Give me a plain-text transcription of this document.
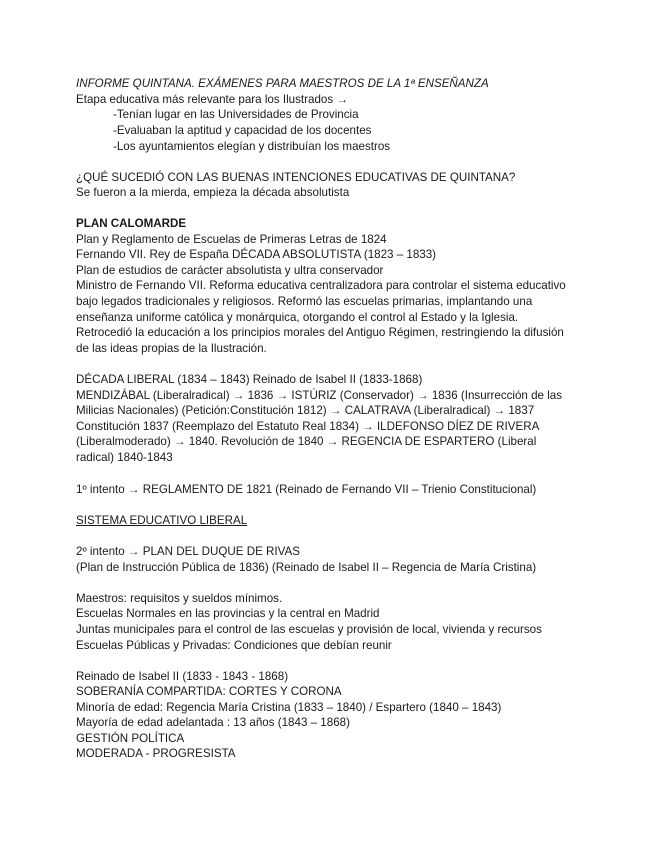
INFORME QUINTANA. EXÁMENES PARA MAESTROS DE LA 1ª ENSEÑANZA
Etapa educativa más relevante para los Ilustrados →
-Tenían lugar en las Universidades de Provincia
-Evaluaban la aptitud y capacidad de los docentes
-Los ayuntamientos elegían y distribuían los maestros
¿QUÉ SUCEDIÓ CON LAS BUENAS INTENCIONES EDUCATIVAS DE QUINTANA?
Se fueron a la mierda, empieza la década absolutista
PLAN CALOMARDE
Plan y Reglamento de Escuelas de Primeras Letras de 1824
Fernando VII. Rey de España DÉCADA ABSOLUTISTA (1823 – 1833)
Plan de estudios de carácter absolutista y ultra conservador
Ministro de Fernando VII. Reforma educativa centralizadora para controlar el sistema educativo
bajo legados tradicionales y religiosos. Reformó las escuelas primarias, implantando una
enseñanza uniforme católica y monárquica, otorgando el control al Estado y la Iglesia.
Retrocedió la educación a los principios morales del Antiguo Régimen, restringiendo la difusión
de las ideas propias de la Ilustración.
DÉCADA LIBERAL (1834 – 1843) Reinado de Isabel II (1833-1868)
MENDIZÁBAL (Liberalradical) → 1836 → ISTÚRIZ (Conservador) → 1836 (Insurrección de las
Milicias Nacionales) (Petición:Constitución 1812) → CALATRAVA (Liberalradical) → 1837
Constitución 1837 (Reemplazo del Estatuto Real 1834) → ILDEFONSO DÍEZ DE RIVERA
(Liberalmoderado) → 1840. Revolución de 1840 → REGENCIA DE ESPARTERO (Liberal
radical) 1840-1843
1º intento → REGLAMENTO DE 1821 (Reinado de Fernando VII – Trienio Constitucional)
SISTEMA EDUCATIVO LIBERAL
2º intento → PLAN DEL DUQUE DE RIVAS
(Plan de Instrucción Pública de 1836) (Reinado de Isabel II – Regencia de María Cristina)
Maestros: requisitos y sueldos mínimos.
Escuelas Normales en las provincias y la central en Madrid
Juntas municipales para el control de las escuelas y provisión de local, vivienda y recursos
Escuelas Públicas y Privadas: Condiciones que debían reunir
Reinado de Isabel II (1833 - 1843 - 1868)
SOBERANÍA COMPARTIDA: CORTES Y CORONA
Minoría de edad: Regencia María Cristina (1833 – 1840) / Espartero (1840 – 1843)
Mayoría de edad adelantada : 13 años (1843 – 1868)
GESTIÓN POLÍTICA
MODERADA - PROGRESISTA
